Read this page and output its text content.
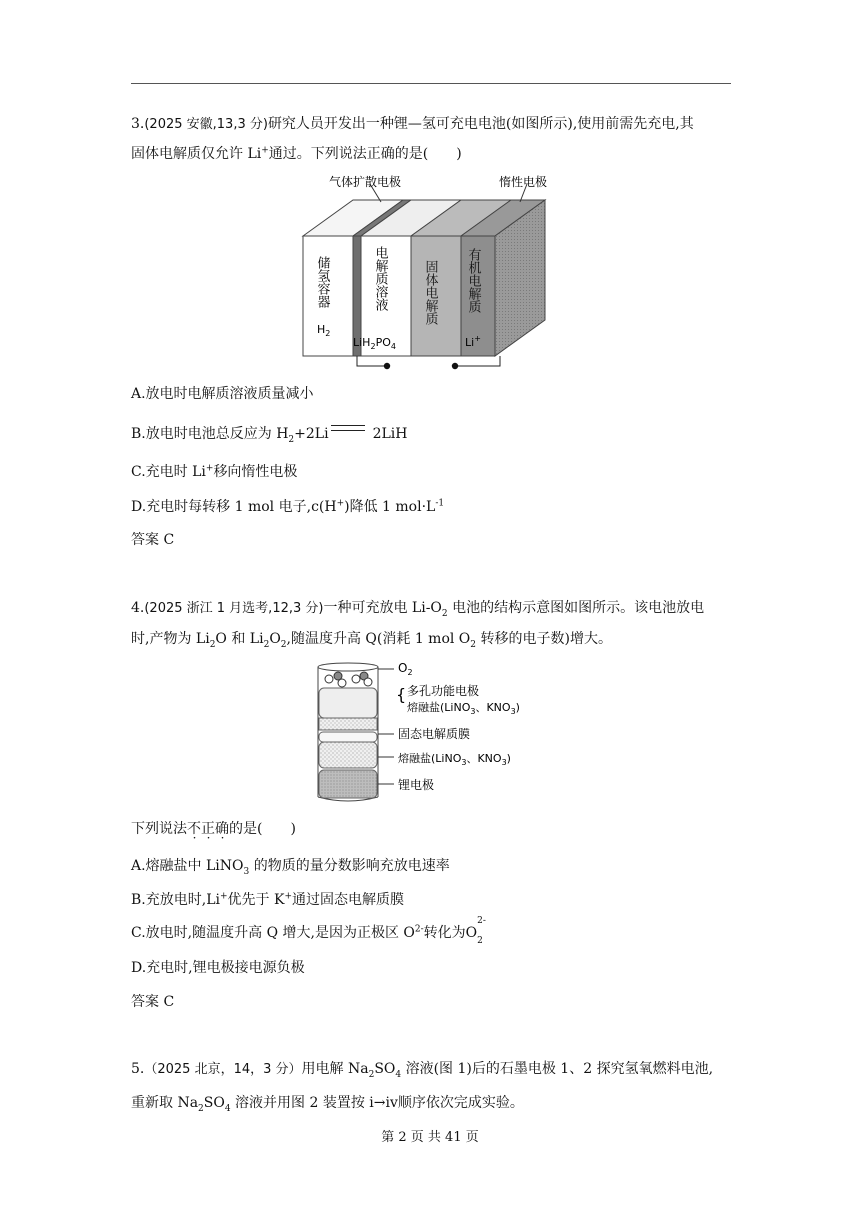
3.(2025 安徽,13,3 分)研究人员开发出一种锂—氢可充电电池(如图所示),使用前需先充电,其
固体电解质仅允许 Li+通过。下列说法正确的是(　　)
气体扩散电极	惰性电极
储氢容器	电解质溶液	固体电解质 有机电解质
$H_2$
$LiH_2PO_4$	Li+
A.放电时电解质溶液质量减小
B.放电时电池总反应为 $H_2+2Li$	2LiH
C.充电时 Li+移向惰性电极
D.充电时每转移 1 mol 电子,c(H+)降低 1 $mol\cdot L^{-1}$
答案 C
4.(2025 浙江 1 月选考,12,3 分)一种可充放电 $Li-O_2$ 电池的结构示意图如图所示。该电池放电
时,产物为 $Li_2O$ 和 $Li_2O_2$,随温度升高 Q(消耗 1 mol $O_2$ 转移的电子数)增大。
$O_2$
{ 多孔功能电极
熔融盐(LiNO$_3$、$KNO_3$)
固态电解质膜
熔融盐(LiNO$_3$、$KNO_3$)
锂电极
下列说法不正确的是(　　)
A.熔融盐中 LiNO$_3$ 的物质的量分数影响充放电速率
B.充放电时,Li+优先于 K+通过固态电解质膜
C.放电时,随温度升高 Q 增大,是因为正极区 $O^{2-}$转化为O
2-
2
D.充电时,锂电极接电源负极
答案 C
5.（2025 北京，14，3 分）用电解 $Na_2SO_4$ 溶液(图 1)后的石墨电极 1、2 探究氢氧燃料电池,
重新取 $Na_2SO_4$ 溶液并用图 2 装置按 ⅰ→ⅳ顺序依次完成实验。
第 2 页 共 41 页
